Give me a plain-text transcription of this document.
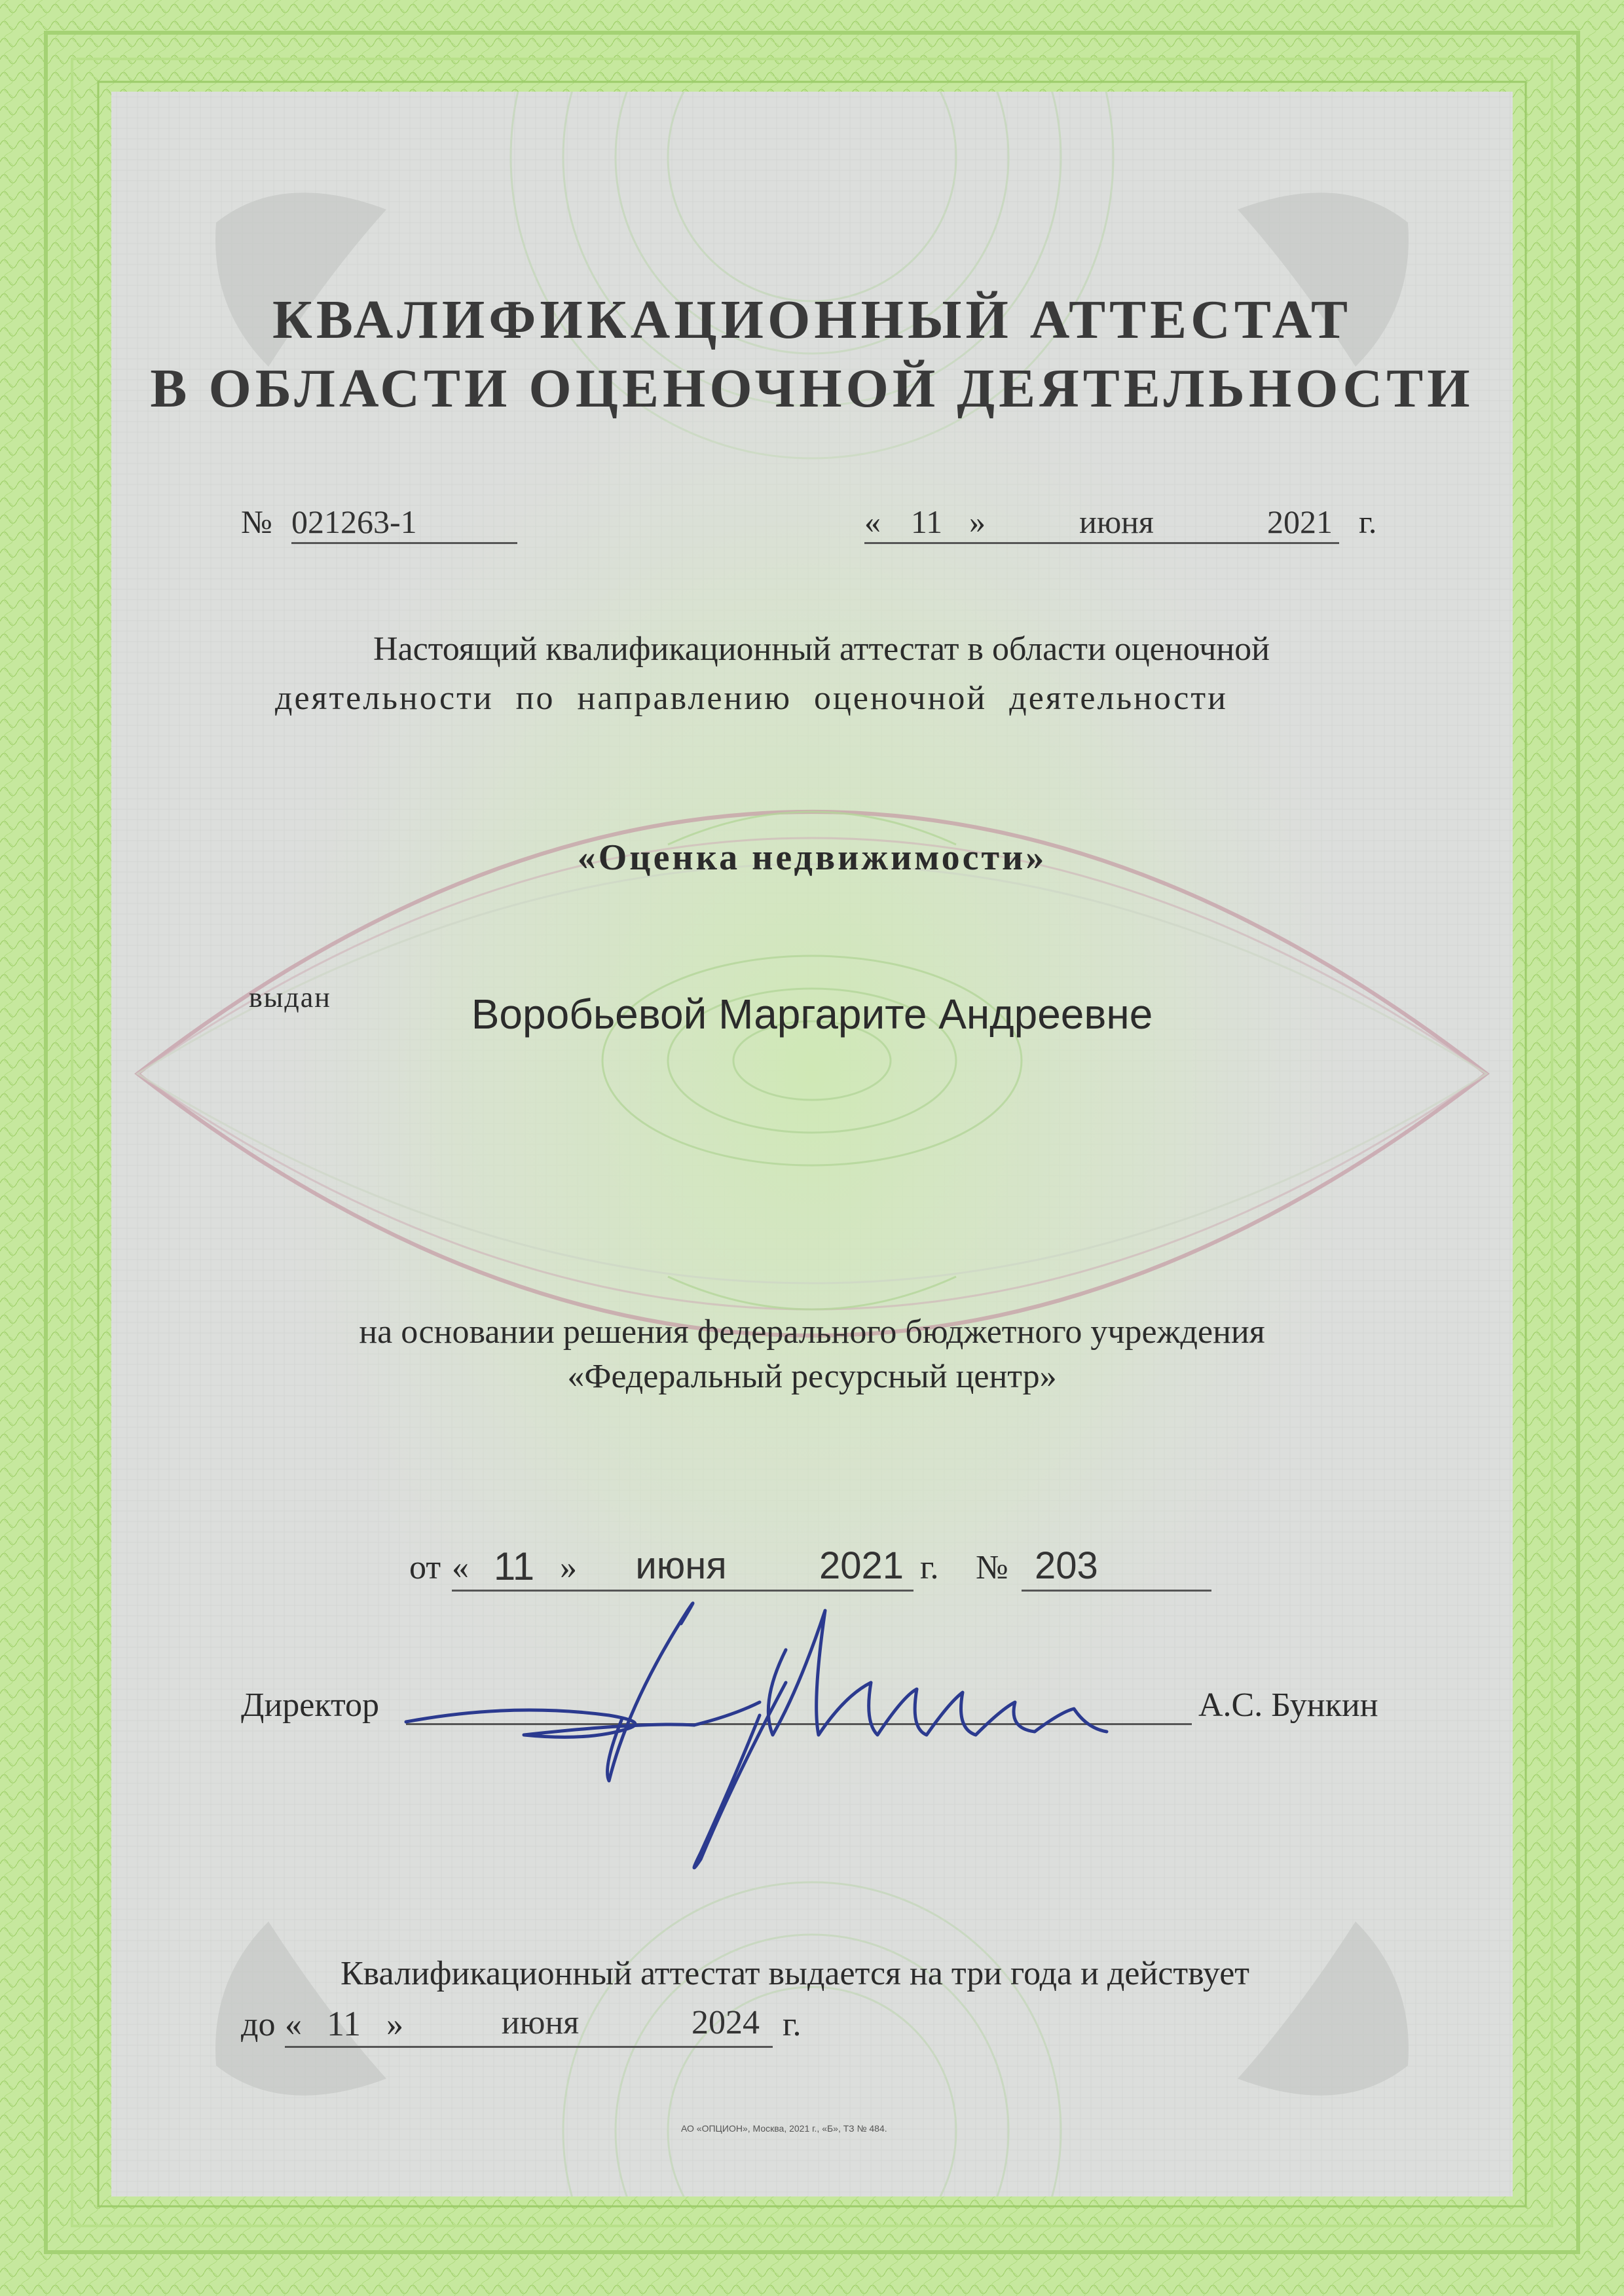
КВАЛИФИКАЦИОННЫЙ АТТЕСТАТ
В ОБЛАСТИ ОЦЕНОЧНОЙ ДЕЯТЕЛЬНОСТИ
№ 021263-1	« 11 »	июня	2021 г.
Настоящий квалификационный аттестат в области оценочной
деятельности по направлению оценочной деятельности
«Оценка недвижимости»
выдан	Воробьевой Маргарите Андреевне
на основании решения федерального бюджетного учреждения
«Федеральный ресурсный центр»
от « 11 »	июня	2021 г. № 203
Директор	А.С. Бункин
Квалификационный аттестат выдается на три года и действует
до « 11 »	июня	2024 г.
АО «ОПЦИОН», Москва, 2021 г., «Б», ТЗ № 484.
